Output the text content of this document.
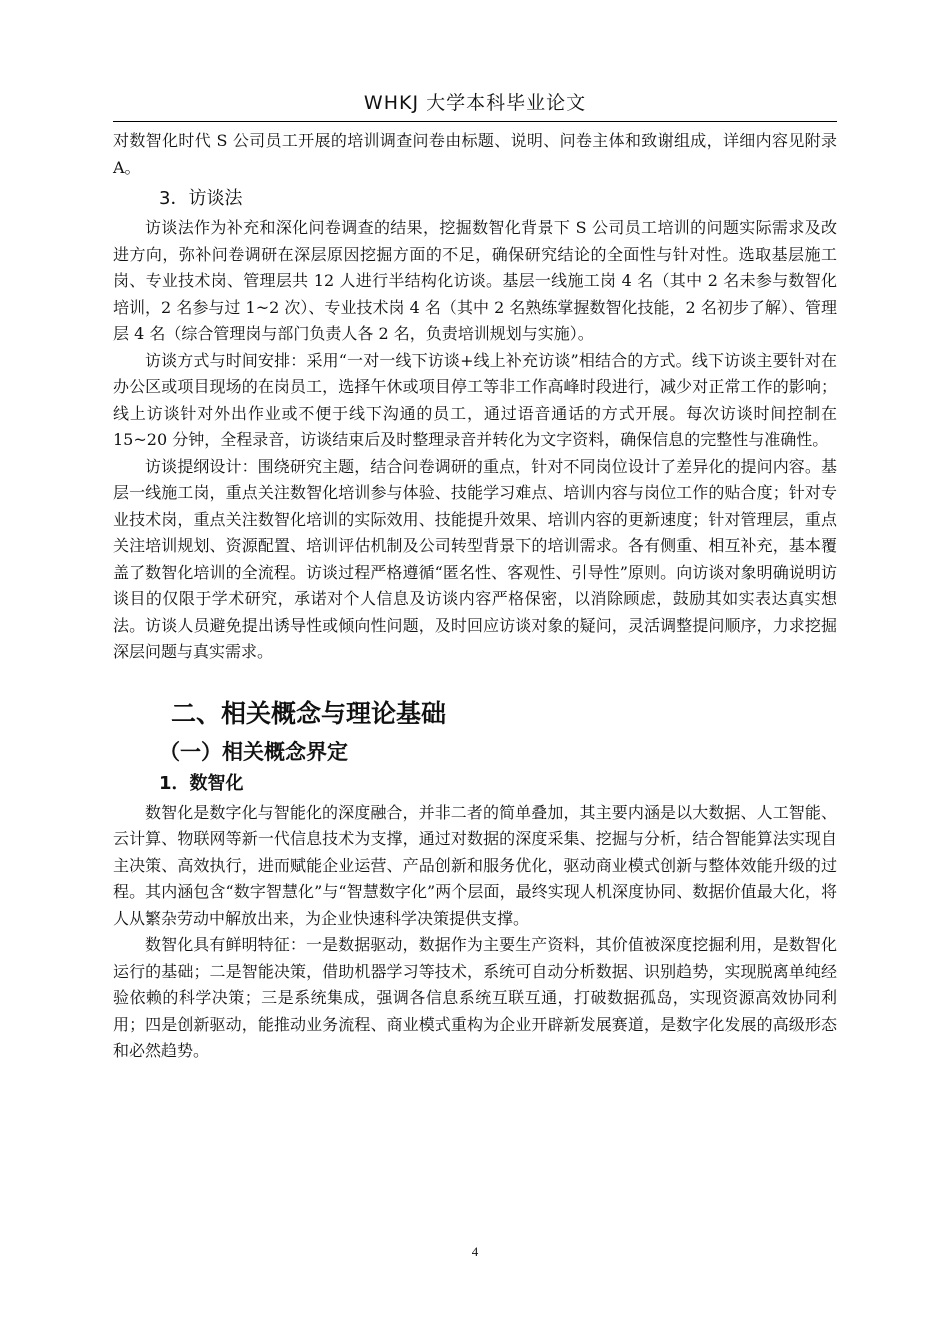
WHKJ 大学本科毕业论文

对数智化时代 S 公司员工开展的培训调查问卷由标题、说明、问卷主体和致谢组成，详细内容见附录 A。

3．访谈法

访谈法作为补充和深化问卷调查的结果，挖掘数智化背景下 S 公司员工培训的问题实际需求及改进方向，弥补问卷调研在深层原因挖掘方面的不足，确保研究结论的全面性与针对性。选取基层施工岗、专业技术岗、管理层共 12 人进行半结构化访谈。基层一线施工岗 4 名（其中 2 名未参与数智化培训，2 名参与过 1~2 次）、专业技术岗 4 名（其中 2 名熟练掌握数智化技能，2 名初步了解）、管理层 4 名（综合管理岗与部门负责人各 2 名，负责培训规划与实施）。

访谈方式与时间安排：采用“一对一线下访谈+线上补充访谈”相结合的方式。线下访谈主要针对在办公区或项目现场的在岗员工，选择午休或项目停工等非工作高峰时段进行，减少对正常工作的影响；线上访谈针对外出作业或不便于线下沟通的员工，通过语音通话的方式开展。每次访谈时间控制在 15~20 分钟，全程录音，访谈结束后及时整理录音并转化为文字资料，确保信息的完整性与准确性。

访谈提纲设计：围绕研究主题，结合问卷调研的重点，针对不同岗位设计了差异化的提问内容。基层一线施工岗，重点关注数智化培训参与体验、技能学习难点、培训内容与岗位工作的贴合度；针对专业技术岗，重点关注数智化培训的实际效用、技能提升效果、培训内容的更新速度；针对管理层，重点关注培训规划、资源配置、培训评估机制及公司转型背景下的培训需求。各有侧重、相互补充，基本覆盖了数智化培训的全流程。访谈过程严格遵循“匿名性、客观性、引导性”原则。向访谈对象明确说明访谈目的仅限于学术研究，承诺对个人信息及访谈内容严格保密，以消除顾虑，鼓励其如实表达真实想法。访谈人员避免提出诱导性或倾向性问题，及时回应访谈对象的疑问，灵活调整提问顺序，力求挖掘深层问题与真实需求。

二、相关概念与理论基础
（一）相关概念界定
1．数智化

数智化是数字化与智能化的深度融合，并非二者的简单叠加，其主要内涵是以大数据、人工智能、云计算、物联网等新一代信息技术为支撑，通过对数据的深度采集、挖掘与分析，结合智能算法实现自主决策、高效执行，进而赋能企业运营、产品创新和服务优化，驱动商业模式创新与整体效能升级的过程。其内涵包含“数字智慧化”与“智慧数字化”两个层面，最终实现人机深度协同、数据价值最大化，将人从繁杂劳动中解放出来，为企业快速科学决策提供支撑。

数智化具有鲜明特征：一是数据驱动，数据作为主要生产资料，其价值被深度挖掘利用，是数智化运行的基础；二是智能决策，借助机器学习等技术，系统可自动分析数据、识别趋势，实现脱离单纯经验依赖的科学决策；三是系统集成，强调各信息系统互联互通，打破数据孤岛，实现资源高效协同利用；四是创新驱动，能推动业务流程、商业模式重构为企业开辟新发展赛道，是数字化发展的高级形态和必然趋势。

4
